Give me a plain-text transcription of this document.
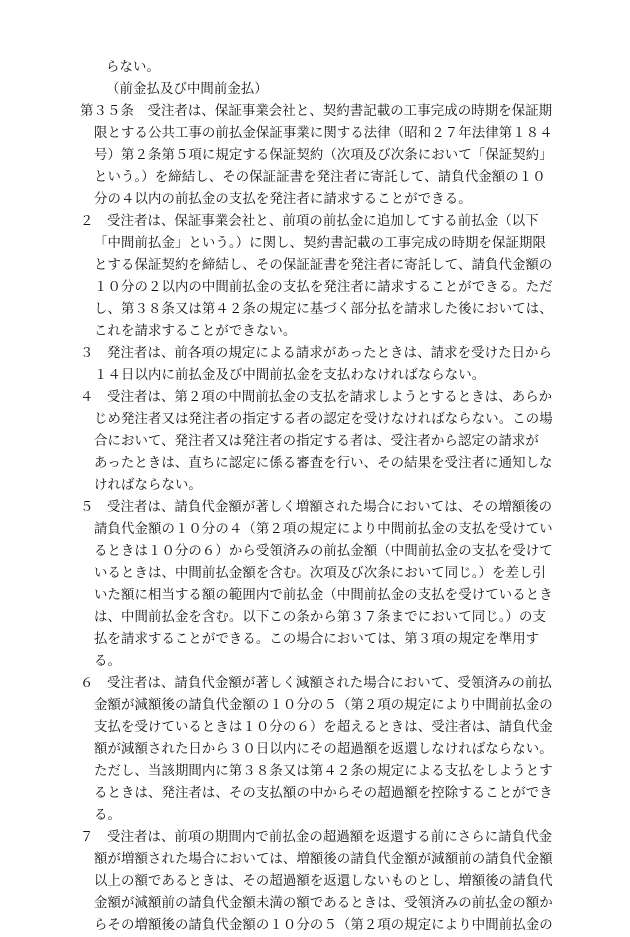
らない。
（前金払及び中間前金払）
第３５条　受注者は、保証事業会社と、契約書記載の工事完成の時期を保証期
限とする公共工事の前払金保証事業に関する法律（昭和２７年法律第１８４
号）第２条第５項に規定する保証契約（次項及び次条において「保証契約」
という。）を締結し、その保証証書を発注者に寄託して、請負代金額の１０
分の４以内の前払金の支払を発注者に請求することができる。
２　受注者は、保証事業会社と、前項の前払金に追加してする前払金（以下
「中間前払金」という。）に関し、契約書記載の工事完成の時期を保証期限
とする保証契約を締結し、その保証証書を発注者に寄託して、請負代金額の
１０分の２以内の中間前払金の支払を発注者に請求することができる。ただ
し、第３８条又は第４２条の規定に基づく部分払を請求した後においては、
これを請求することができない。
３　発注者は、前各項の規定による請求があったときは、請求を受けた日から
１４日以内に前払金及び中間前払金を支払わなければならない。
４　受注者は、第２項の中間前払金の支払を請求しようとするときは、あらか
じめ発注者又は発注者の指定する者の認定を受けなければならない。この場
合において、発注者又は発注者の指定する者は、受注者から認定の請求が
あったときは、直ちに認定に係る審査を行い、その結果を受注者に通知しな
ければならない。
５　受注者は、請負代金額が著しく増額された場合においては、その増額後の
請負代金額の１０分の４（第２項の規定により中間前払金の支払を受けてい
るときは１０分の６）から受領済みの前払金額（中間前払金の支払を受けて
いるときは、中間前払金額を含む。次項及び次条において同じ。）を差し引
いた額に相当する額の範囲内で前払金（中間前払金の支払を受けているとき
は、中間前払金を含む。以下この条から第３７条までにおいて同じ。）の支
払を請求することができる。この場合においては、第３項の規定を準用す
る。
６　受注者は、請負代金額が著しく減額された場合において、受領済みの前払
金額が減額後の請負代金額の１０分の５（第２項の規定により中間前払金の
支払を受けているときは１０分の６）を超えるときは、受注者は、請負代金
額が減額された日から３０日以内にその超過額を返還しなければならない。
ただし、当該期間内に第３８条又は第４２条の規定による支払をしようとす
るときは、発注者は、その支払額の中からその超過額を控除することができ
る。
７　受注者は、前項の期間内で前払金の超過額を返還する前にさらに請負代金
額が増額された場合においては、増額後の請負代金額が減額前の請負代金額
以上の額であるときは、その超過額を返還しないものとし、増額後の請負代
金額が減額前の請負代金額未満の額であるときは、受領済みの前払金の額か
らその増額後の請負代金額の１０分の５（第２項の規定により中間前払金の
